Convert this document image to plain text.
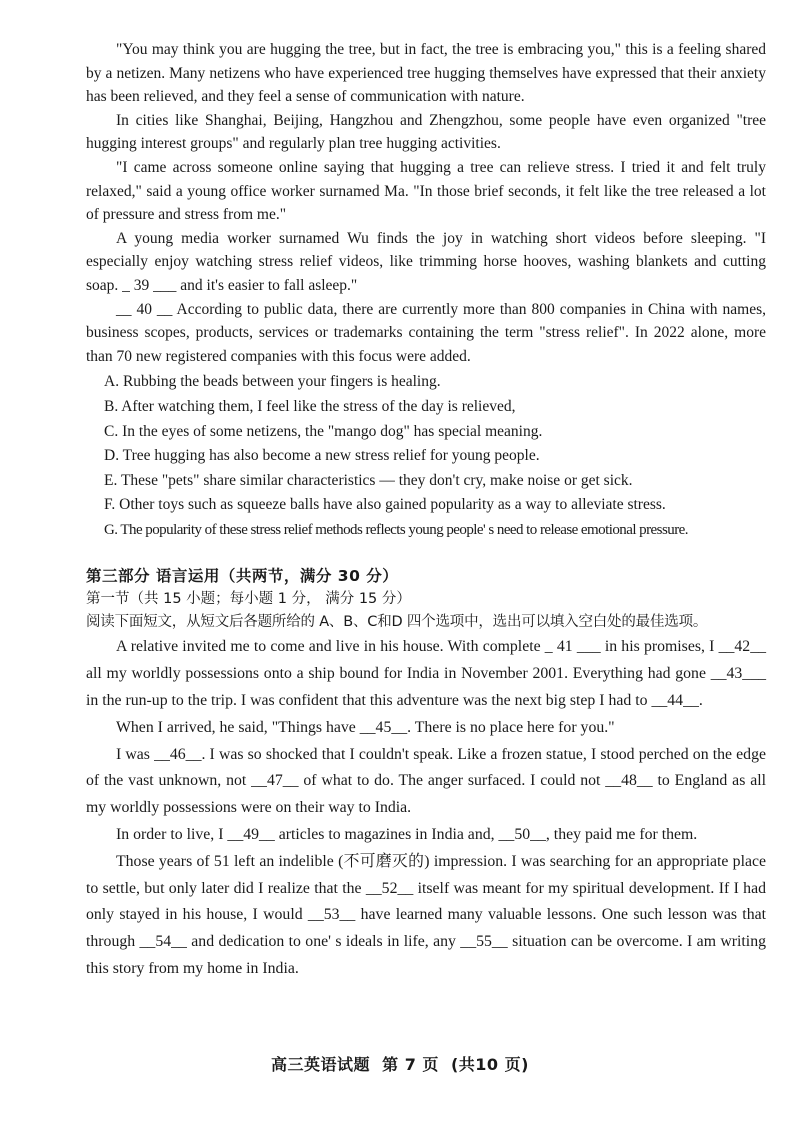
"You may think you are hugging the tree, but in fact, the tree is embracing you," this is a feeling shared by a netizen. Many netizens who have experienced tree hugging themselves have expressed that their anxiety has been relieved, and they feel a sense of communication with nature.

In cities like Shanghai, Beijing, Hangzhou and Zhengzhou, some people have even organized "tree hugging interest groups" and regularly plan tree hugging activities.

"I came across someone online saying that hugging a tree can relieve stress. I tried it and felt truly relaxed," said a young office worker surnamed Ma. "In those brief seconds, it felt like the tree released a lot of pressure and stress from me."

A young media worker surnamed Wu finds the joy in watching short videos before sleeping. "I especially enjoy watching stress relief videos, like trimming horse hooves, washing blankets and cutting soap. _ 39 ___ and it's easier to fall asleep."

__ 40 __ According to public data, there are currently more than 800 companies in China with names, business scopes, products, services or trademarks containing the term "stress relief". In 2022 alone, more than 70 new registered companies with this focus were added.

A. Rubbing the beads between your fingers is healing.
B. After watching them, I feel like the stress of the day is relieved,
C. In the eyes of some netizens, the "mango dog" has special meaning.
D. Tree hugging has also become a new stress relief for young people.
E. These "pets" share similar characteristics — they don't cry, make noise or get sick.
F. Other toys such as squeeze balls have also gained popularity as a way to alleviate stress.
G. The popularity of these stress relief methods reflects young people' s need to release emotional pressure.
第三部分 语言运用（共两节，满分 30 分）
第一节（共 15 小题；每小题 1 分， 满分 15 分）
阅读下面短文，从短文后各题所给的 A、B、C和D 四个选项中，选出可以填入空白处的最佳选项。

A relative invited me to come and live in his house. With complete _ 41 ___ in his promises, I __42__ all my worldly possessions onto a ship bound for India in November 2001. Everything had gone __43___ in the run-up to the trip. I was confident that this adventure was the next big step I had to __44__.

When I arrived, he said, "Things have __45__. There is no place here for you."

I was __46__. I was so shocked that I couldn't speak. Like a frozen statue, I stood perched on the edge of the vast unknown, not __47__ of what to do. The anger surfaced. I could not __48__ to England as all my worldly possessions were on their way to India.

In order to live, I __49__ articles to magazines in India and, __50__, they paid me for them.

Those years of 51 left an indelible (不可磨灭的) impression. I was searching for an appropriate place to settle, but only later did I realize that the __52__ itself was meant for my spiritual development. If I had only stayed in his house, I would __53__ have learned many valuable lessons. One such lesson was that through __54__ and dedication to one' s ideals in life, any __55__ situation can be overcome. I am writing this story from my home in India.

高三英语试题 第 7 页 (共10 页)
